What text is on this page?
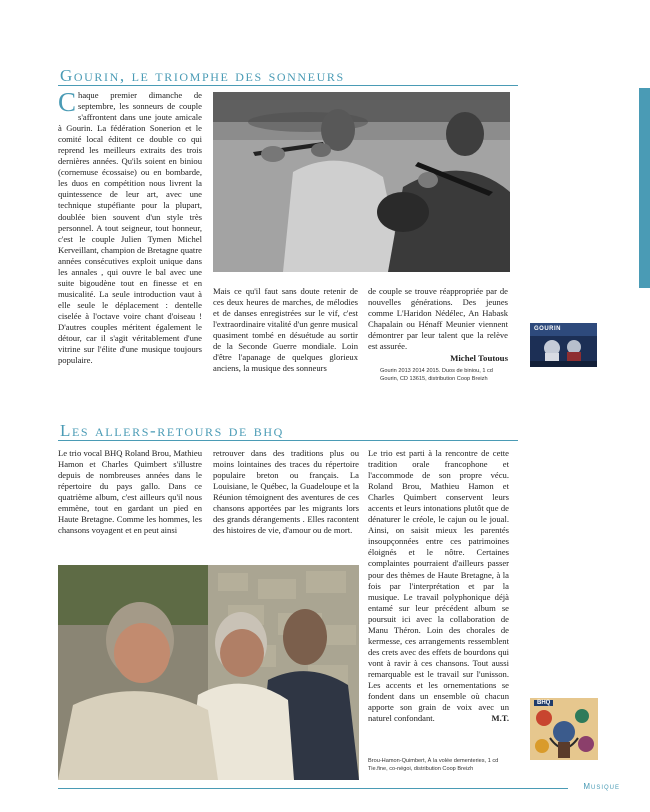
Gourin, le triomphe des sonneurs
C haque premier dimanche de septembre, les sonneurs de couple s'affrontent dans une joute amicale à Gourin. La fédération Sonerion et le comité local éditent ce double co qui reprend les meilleurs extraits des trois dernières années. Qu'ils soient en biniou (cornemuse écossaise) ou en bombarde, les duos en compétition nous livrent la quintessence de leur art, avec une technique stupéfiante pour la plupart, doublée bien souvent d'un style très personnel. A tout seigneur, tout honneur, c'est le couple Julien Tymen Michel Kerveillant, champion de Bretagne quatre années consécutives exploit unique dans les annales , qui ouvre le bal avec une suite bigoudène tout en finesse et en musicalité. La seule introduction vaut à elle seule le déplacement : dentelle ciselée à l'octave voire chant d'oiseau ! D'autres couples méritent également le détour, car il s'agit véritablement d'une vitrine sur l'élite d'une musique toujours populaire.
Mais ce qu'il faut sans doute retenir de ces deux heures de marches, de mélodies et de danses enregistrées sur le vif, c'est l'extraordinaire vitalité d'un genre musical quasiment tombé en désuétude au sortir de la Seconde Guerre mondiale. Loin d'être l'apanage de quelques glorieux anciens, la musique des sonneurs
de couple se trouve réappropriée par de nouvelles générations. Des jeunes comme L'Haridon Nédélec, An Habask Chapalain ou Hénaff Meunier viennent démontrer par leur talent que la relève est assurée.
Michel Toutous
GOURIN
Gourin 2013 2014 2015. Duos de biniou, 1 cd Gourin, CD 13615, distribution Coop Breizh
Les allers-retours de bhq
Le trio vocal BHQ Roland Brou, Mathieu Hamon et Charles Quimbert s'illustre depuis de nombreuses années dans le répertoire du pays gallo. Dans ce quatrième album, c'est ailleurs qu'il nous emmène, tout en gardant un pied en Haute Bretagne. Comme les hommes, les chansons voyagent et en peut ainsi
retrouver dans des traditions plus ou moins lointaines des traces du répertoire populaire breton ou français. La Louisiane, le Québec, la Guadeloupe et la Réunion témoignent des aventures de ces chansons apportées par les migrants lors des grands dérangements . Elles racontent des histoires de vie, d'amour ou de mort.
Le trio est parti à la rencontre de cette tradition orale francophone et l'accommode de son propre vécu. Roland Brou, Mathieu Hamon et Charles Quimbert conservent leurs accents et leurs intonations plutôt que de dénaturer le créole, le cajun ou le joual. Ainsi, on saisit mieux les parentés insoupçonnées entre ces patrimoines éloignés et le nôtre. Certaines complaintes pourraient d'ailleurs passer pour des thèmes de Haute Bretagne, à la fois par l'interprétation et par la musique. Le travail polyphonique déjà entamé sur leur précédent album se poursuit ici avec la collaboration de Manu Théron. Loin des chorales de kermesse, ces arrangements ressemblent des crets avec des effets de bourdons qui vont à ravir à ces chansons. Tout aussi remarquable est le travail sur l'unisson. Les accents et les ornementations se fondent dans un ensemble où chacun apporte son grain de voix avec un naturel confondant.	M.T.
BHQ
Brou-Hamon-Quimbert, À la volée dementeries, 1 cd Tie.fine, co-négoi, distribution Coop Breizh
Musique
